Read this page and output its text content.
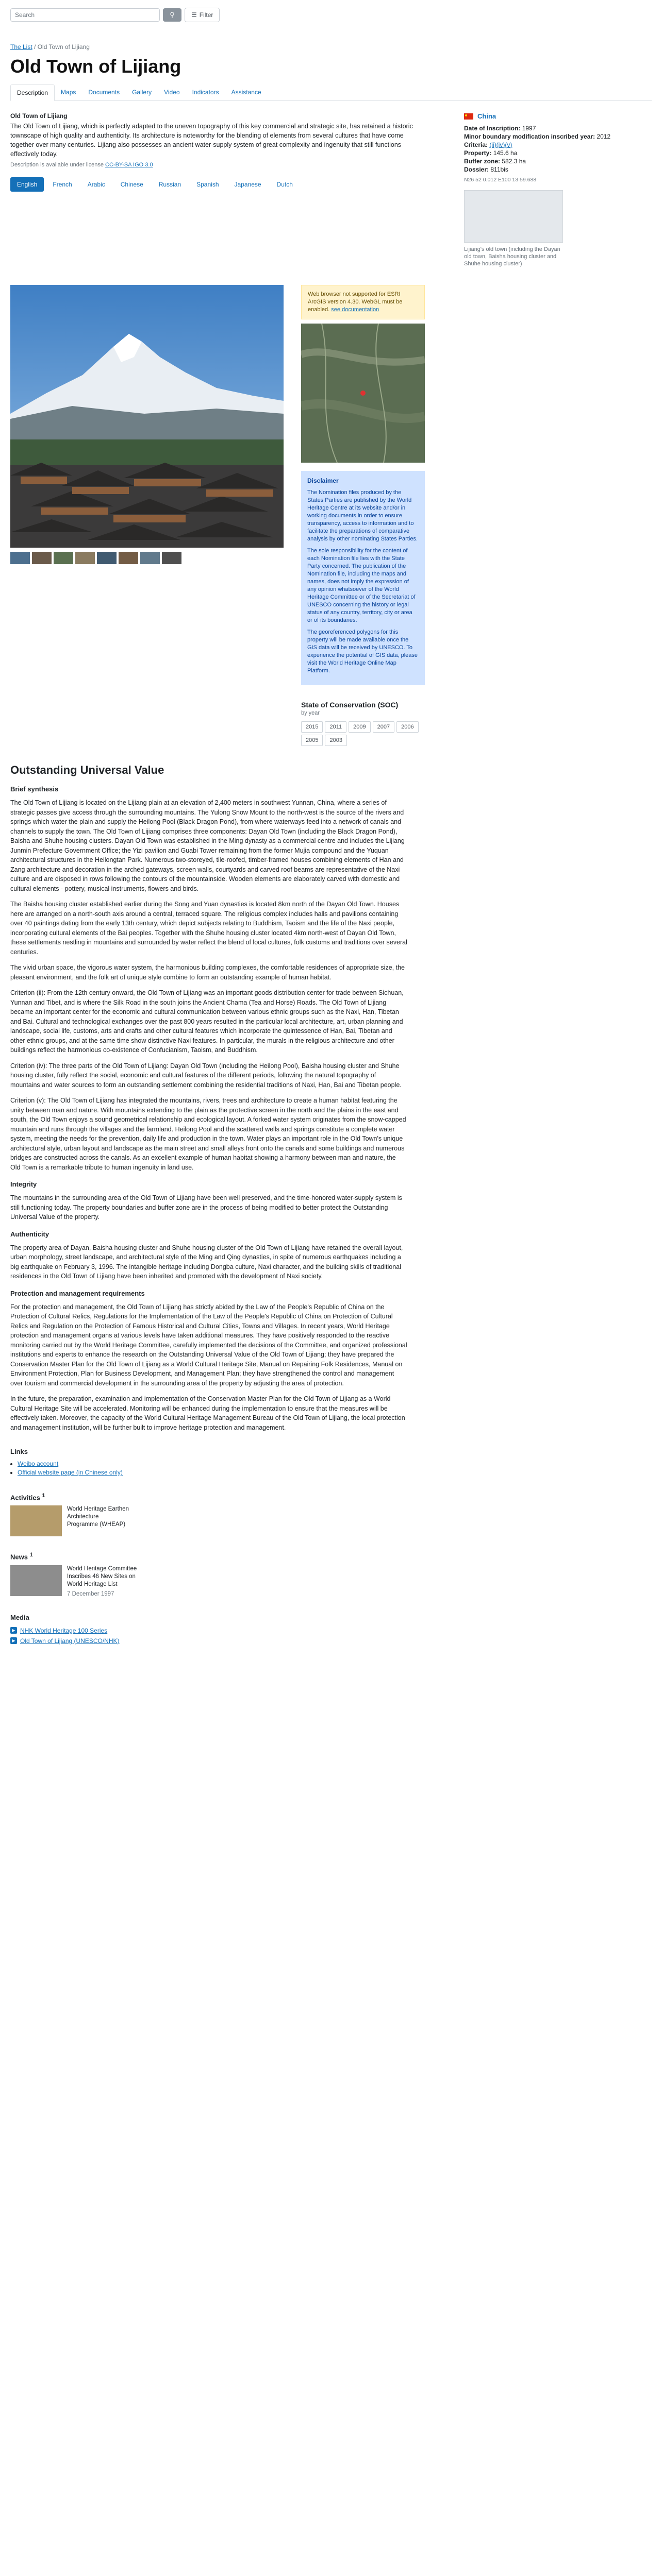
Search	⚲	☰ Filter
The List / Old Town of Lijiang
Old Town of Lijiang
Description	Maps	Documents	Gallery	Video	Indicators	Assistance
Old Town of Lijiang
The Old Town of Lijiang, which is perfectly adapted to the uneven topography of this key commercial and strategic site, has retained a historic townscape of high quality and authenticity. Its architecture is noteworthy for the blending of elements from several cultures that have come together over many centuries. Lijiang also possesses an ancient water-supply system of great complexity and ingenuity that still functions effectively today.
Description is available under license CC-BY-SA IGO 3.0
English	French	Arabic	Chinese	Russian	Spanish	Japanese	Dutch
China
Date of Inscription: 1997
Minor boundary modification inscribed year: 2012
Criteria: (ii)(iv)(v)
Property: 145.6 ha
Buffer zone: 582.3 ha
Dossier: 811bis
N26 52 0.012 E100 13 59.688
Lijiang's old town (including the Dayan old town, Baisha housing cluster and Shuhe housing cluster)
Web browser not supported for ESRI ArcGIS version 4.30. WebGL must be enabled. see documentation
Disclaimer

The Nomination files produced by the States Parties are published by the World Heritage Centre at its website and/or in working documents in order to ensure transparency, access to information and to facilitate the preparations of comparative analysis by other nominating States Parties.

The sole responsibility for the content of each Nomination file lies with the State Party concerned. The publication of the Nomination file, including the maps and names, does not imply the expression of any opinion whatsoever of the World Heritage Committee or of the Secretariat of UNESCO concerning the history or legal status of any country, territory, city or area or of its boundaries.

The georeferenced polygons for this property will be made available once the GIS data will be received by UNESCO. To experience the potential of GIS data, please visit the World Heritage Online Map Platform.

State of Conservation (SOC)
by year
2015	2011	2009	2007	2006
2005	2003
Outstanding Universal Value
Brief synthesis

The Old Town of Lijiang is located on the Lijiang plain at an elevation of 2,400 meters in southwest Yunnan, China, where a series of strategic passes give access through the surrounding mountains. The Yulong Snow Mount to the north-west is the source of the rivers and springs which water the plain and supply the Heilong Pool (Black Dragon Pond), from where waterways feed into a network of canals and channels to supply the town. The Old Town of Lijiang comprises three components: Dayan Old Town (including the Black Dragon Pond), Baisha and Shuhe housing clusters. Dayan Old Town was established in the Ming dynasty as a commercial centre and includes the Lijiang Junmin Prefecture Government Office; the Yizi pavilion and Guabi Tower remaining from the former Mujia compound and the Yuquan architectural structures in the Heilongtan Park. Numerous two-storeyed, tile-roofed, timber-framed houses combining elements of Han and Zang architecture and decoration in the arched gateways, screen walls, courtyards and carved roof beams are representative of the Naxi culture and are disposed in rows following the contours of the mountainside. Wooden elements are elaborately carved with domestic and cultural elements - pottery, musical instruments, flowers and birds.

The Baisha housing cluster established earlier during the Song and Yuan dynasties is located 8km north of the Dayan Old Town. Houses here are arranged on a north-south axis around a central, terraced square. The religious complex includes halls and pavilions containing over 40 paintings dating from the early 13th century, which depict subjects relating to Buddhism, Taoism and the life of the Naxi people, incorporating cultural elements of the Bai peoples. Together with the Shuhe housing cluster located 4km north-west of Dayan Old Town, these settlements nestling in mountains and surrounded by water reflect the blend of local cultures, folk customs and traditions over several centuries.

The vivid urban space, the vigorous water system, the harmonious building complexes, the comfortable residences of appropriate size, the pleasant environment, and the folk art of unique style combine to form an outstanding example of human habitat.

Criterion (ii): From the 12th century onward, the Old Town of Lijiang was an important goods distribution center for trade between Sichuan, Yunnan and Tibet, and is where the Silk Road in the south joins the Ancient Chama (Tea and Horse) Roads. The Old Town of Lijiang became an important center for the economic and cultural communication between various ethnic groups such as the Naxi, Han, Tibetan and Bai. Cultural and technological exchanges over the past 800 years resulted in the particular local architecture, art, urban planning and landscape, social life, customs, arts and crafts and other cultural features which incorporate the quintessence of Han, Bai, Tibetan and other ethnic groups, and at the same time show distinctive Naxi features. In particular, the murals in the religious architecture and other buildings reflect the harmonious co-existence of Confucianism, Taoism, and Buddhism.

Criterion (iv): The three parts of the Old Town of Lijiang: Dayan Old Town (including the Heilong Pool), Baisha housing cluster and Shuhe housing cluster, fully reflect the social, economic and cultural features of the different periods, following the natural topography of mountains and water sources to form an outstanding settlement combining the residential traditions of Naxi, Han, Bai and Tibetan people.

Criterion (v): The Old Town of Lijiang has integrated the mountains, rivers, trees and architecture to create a human habitat featuring the unity between man and nature. With mountains extending to the plain as the protective screen in the north and the plains in the east and south, the Old Town enjoys a sound geometrical relationship and ecological layout. A forked water system originates from the snow-capped mountain and runs through the villages and the farmland. Heilong Pool and the scattered wells and springs constitute a complete water system, meeting the needs for the prevention, daily life and production in the town. Water plays an important role in the Old Town's unique architectural style, urban layout and landscape as the main street and small alleys front onto the canals and some buildings and numerous bridges are constructed across the canals. As an excellent example of human habitat showing a harmony between man and nature, the Old Town is a remarkable tribute to human ingenuity in land use.

Integrity

The mountains in the surrounding area of the Old Town of Lijiang have been well preserved, and the time-honored water-supply system is still functioning today. The property boundaries and buffer zone are in the process of being modified to better protect the Outstanding Universal Value of the property.

Authenticity

The property area of Dayan, Baisha housing cluster and Shuhe housing cluster of the Old Town of Lijiang have retained the overall layout, urban morphology, street landscape, and architectural style of the Ming and Qing dynasties, in spite of numerous earthquakes including a big earthquake on February 3, 1996. The intangible heritage including Dongba culture, Naxi character, and the building skills of traditional residences in the Old Town of Lijiang have been inherited and promoted with the development of Naxi society.

Protection and management requirements

For the protection and management, the Old Town of Lijiang has strictly abided by the Law of the People's Republic of China on the Protection of Cultural Relics, Regulations for the Implementation of the Law of the People's Republic of China on Protection of Cultural Relics and Regulation on the Protection of Famous Historical and Cultural Cities, Towns and Villages. In recent years, World Heritage protection and management organs at various levels have taken additional measures. They have positively responded to the reactive monitoring carried out by the World Heritage Committee, carefully implemented the decisions of the Committee, and organized professional institutions and experts to enhance the research on the Outstanding Universal Value of the Old Town of Lijiang; they have prepared the Conservation Master Plan for the Old Town of Lijiang as a World Cultural Heritage Site, Manual on Repairing Folk Residences, Manual on Environment Protection, Plan for Business Development, and Management Plan; they have strengthened the control and management over tourism and commercial development in the surrounding area of the property by adjusting the area of protection.

In the future, the preparation, examination and implementation of the Conservation Master Plan for the Old Town of Lijiang as a World Cultural Heritage Site will be accelerated. Monitoring will be enhanced during the implementation to ensure that the measures will be effectively taken. Moreover, the capacity of the World Cultural Heritage Management Bureau of the Old Town of Lijiang, the local protection and management institution, will be further built to improve heritage protection and management.

Links
• Weibo account
• Official website page (in Chinese only)
Activities $^1$
World Heritage Earthen Architecture Programme (WHEAP)
News $^1$
World Heritage Committee Inscribes 46 New Sites on World Heritage List
7 December 1997
Media
▶ NHK World Heritage 100 Series
▶ Old Town of Lijiang (UNESCO/NHK)
